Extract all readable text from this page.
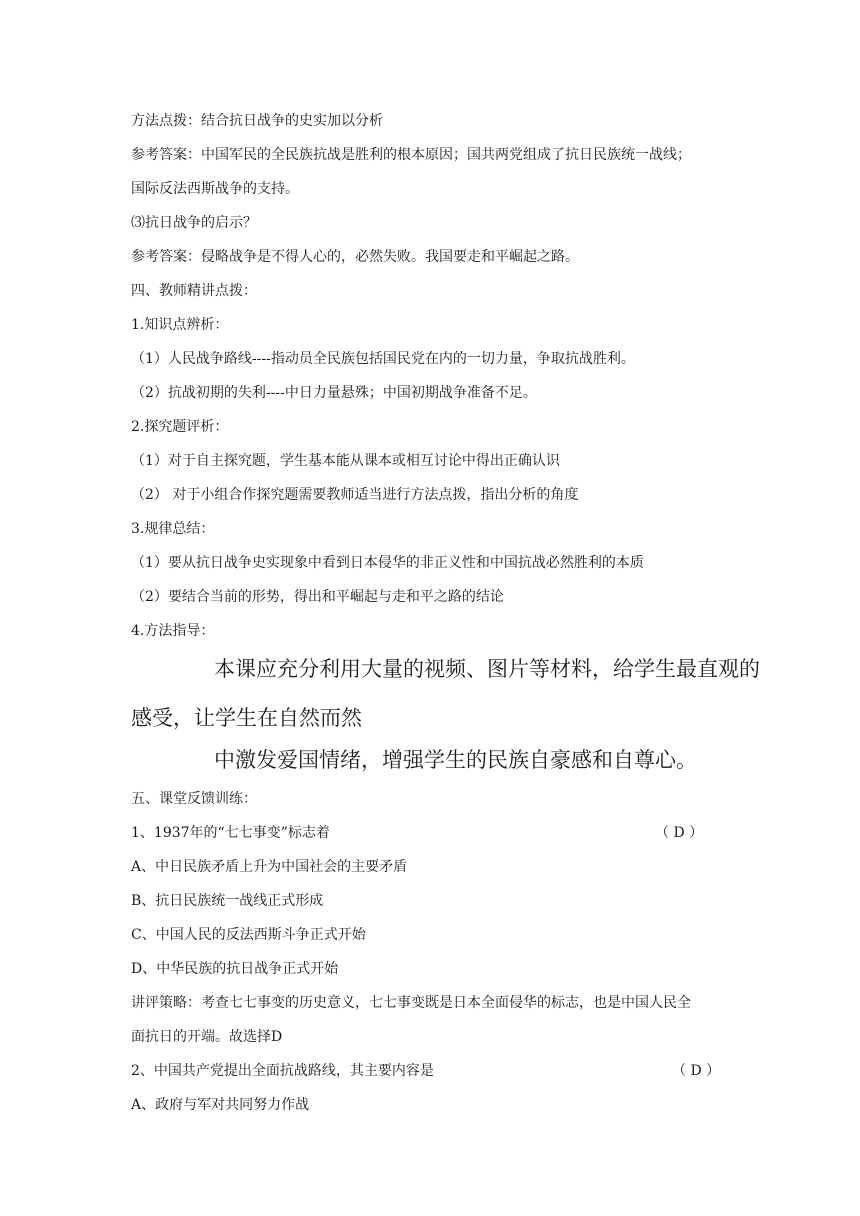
方法点拨：结合抗日战争的史实加以分析
参考答案：中国军民的全民族抗战是胜利的根本原因；国共两党组成了抗日民族统一战线；
国际反法西斯战争的支持。
⑶抗日战争的启示？
参考答案：侵略战争是不得人心的，必然失败。我国要走和平崛起之路。
四、教师精讲点拨：
1.知识点辨析：
（1）人民战争路线----指动员全民族包括国民党在内的一切力量，争取抗战胜利。
（2）抗战初期的失利----中日力量悬殊；中国初期战争准备不足。
2.探究题评析：
（1）对于自主探究题，学生基本能从课本或相互讨论中得出正确认识
（2） 对于小组合作探究题需要教师适当进行方法点拨，指出分析的角度
3.规律总结：
（1）要从抗日战争史实现象中看到日本侵华的非正义性和中国抗战必然胜利的本质
（2）要结合当前的形势，得出和平崛起与走和平之路的结论
4.方法指导：
本课应充分利用大量的视频、图片等材料，给学生最直观的
感受，让学生在自然而然
中激发爱国情绪，增强学生的民族自豪感和自尊心。
五、课堂反馈训练：
1、1937年的“七七事变”标志着	（ D ）
A、中日民族矛盾上升为中国社会的主要矛盾
B、抗日民族统一战线正式形成
C、中国人民的反法西斯斗争正式开始
D、中华民族的抗日战争正式开始
讲评策略：考查七七事变的历史意义，七七事变既是日本全面侵华的标志，也是中国人民全
面抗日的开端。故选择D
2、中国共产党提出全面抗战路线，其主要内容是	（ D ）
A、政府与军对共同努力作战
